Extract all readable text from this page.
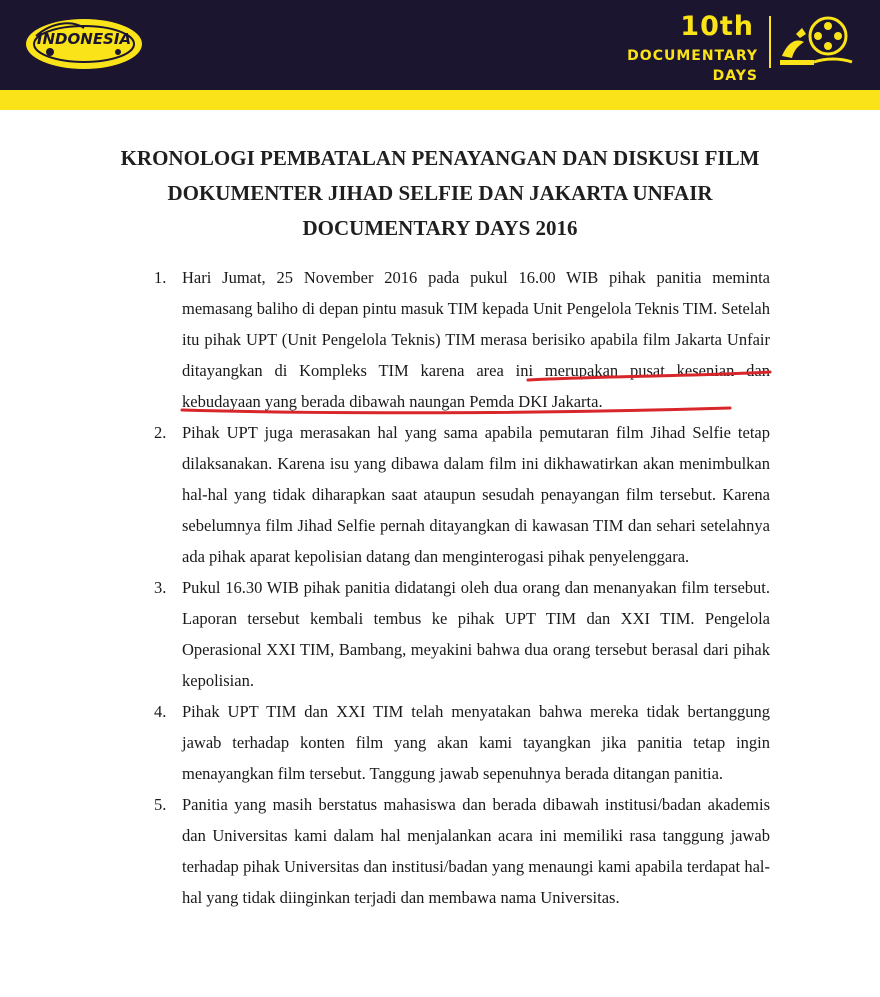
INDONESIA	10th
DOCUMENTARY DAYS
KRONOLOGI PEMBATALAN PENAYANGAN DAN DISKUSI FILM
DOKUMENTER JIHAD SELFIE DAN JAKARTA UNFAIR
DOCUMENTARY DAYS 2016
1. Hari Jumat, 25 November 2016 pada pukul 16.00 WIB pihak panitia meminta memasang baliho di depan pintu masuk TIM kepada Unit Pengelola Teknis TIM. Setelah itu pihak UPT (Unit Pengelola Teknis) TIM merasa berisiko apabila film Jakarta Unfair ditayangkan di Kompleks TIM karena area ini merupakan pusat kesenian dan kebudayaan yang berada dibawah naungan Pemda DKI Jakarta.

2. Pihak UPT juga merasakan hal yang sama apabila pemutaran film Jihad Selfie tetap dilaksanakan. Karena isu yang dibawa dalam film ini dikhawatirkan akan menimbulkan hal-hal yang tidak diharapkan saat ataupun sesudah penayangan film tersebut. Karena sebelumnya film Jihad Selfie pernah ditayangkan di kawasan TIM dan sehari setelahnya ada pihak aparat kepolisian datang dan menginterogasi pihak penyelenggara.

3. Pukul 16.30 WIB pihak panitia didatangi oleh dua orang dan menanyakan film tersebut. Laporan tersebut kembali tembus ke pihak UPT TIM dan XXI TIM. Pengelola Operasional XXI TIM, Bambang, meyakini bahwa dua orang tersebut berasal dari pihak kepolisian.

4. Pihak UPT TIM dan XXI TIM telah menyatakan bahwa mereka tidak bertanggung jawab terhadap konten film yang akan kami tayangkan jika panitia tetap ingin menayangkan film tersebut. Tanggung jawab sepenuhnya berada ditangan panitia.

5. Panitia yang masih berstatus mahasiswa dan berada dibawah institusi/badan akademis dan Universitas kami dalam hal menjalankan acara ini memiliki rasa tanggung jawab terhadap pihak Universitas dan institusi/badan yang menaungi kami apabila terdapat hal-hal yang tidak diinginkan terjadi dan membawa nama Universitas.
